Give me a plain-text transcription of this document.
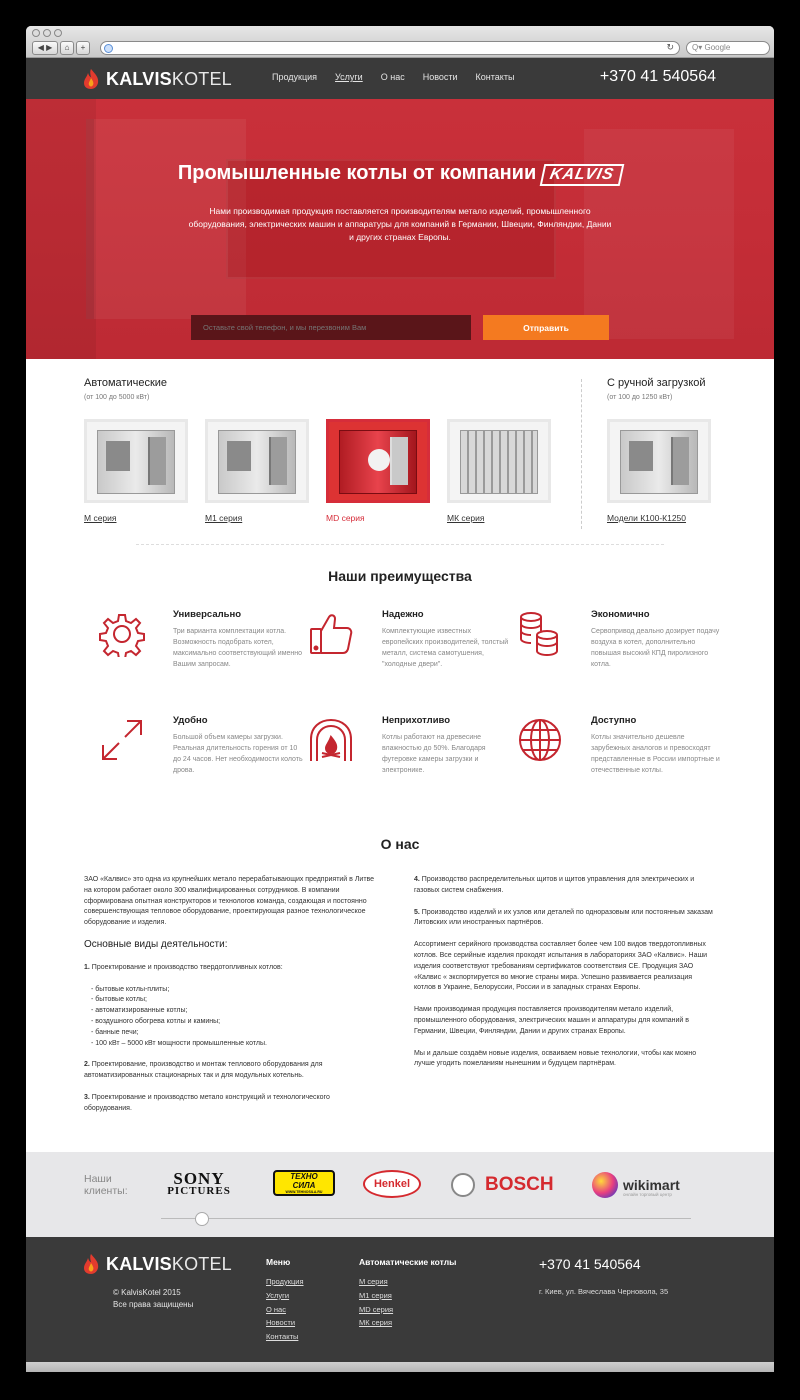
◀ ▶	⌂	+	↻	Q▾ Google
KALVISKOTEL	Продукция Услуги О нас Новости Контакты	+370 41 540564
Промышленные котлы от компании KALVIS

Нами производимая продукция поставляется производителям метало изделий, промышленного оборудования, электрических машин и аппаратуры для компаний в Германии, Швеции, Финляндии, Дании и других странах Европы.

Оставьте свой телефон, и мы перезвоним Вам
Отправить
Автоматические
(от 100 до 5000 кВт)
С ручной загрузкой
(от 100 до 1250 кВт)
М серия	М1 серия	МD серия	МК серия	Модели К100-К1250
Наши преимущества
Универсально
Три варианта комплектации котла. Возможность подобрать котел, максимально соответствующий именно Вашим запросам.
Надежно
Комплектующие известных европейских производителей, толстый металл, система самотушения, "холодные двери".
Экономично
Сервопривод деально дозирует подачу воздуха в котел, дополнительно повышая высокий КПД пиролизного котла.
Удобно
Большой объем камеры загрузки. Реальная длительность горения от 10 до 24 часов. Нет необходимости колоть дрова.
Неприхотливо
Котлы работают на древесине влажностью до 50%. Благодаря футеровке камеры загрузки и электронике.
Доступно
Котлы значительно дешевле зарубежных аналогов и превосходят представленные в России импортные и отечественные котлы.
О нас

ЗАО «Калвис» это одна из крупнейших метало перерабатывающих предприятий в Литве на котором работает около 300 квалифицированных сотрудников. В компании сформирована опытная конструкторов и технологов команда, создающая и постоянно совершенствующая тепловое оборудование, проектирующая разное технологическое оборудование и изделия.

Основные виды деятельности:

1. Проектирование и производство твердотопливных котлов:

- бытовые котлы-плиты;
- бытовые котлы;
- автоматизированные котлы;
- воздушного обогрева котлы и камины;
- банные печи;
- 100 кВт – 5000 кВт мощности промышленные котлы.

2. Проектирование, производство и монтаж теплового оборудования для автоматизированных стационарных так и для модульных котельнь.

3. Проектирование и производство метало конструкций и технологического оборудования.

4. Производство распределительных щитов и щитов управления для электрических и газовых систем снабжения.

5. Производство изделий и их узлов или деталей по одноразовым или постоянным заказам Литовских или иностранных партнёров.

Ассортимент серийного производства составляет более чем 100 видов твердотопливных котлов. Все серийные изделия проходят испытания в лабораториях ЗАО «Калвис». Наши изделия соответствуют требованиям сертификатов соответствия CE. Продукция ЗАО «Калвис « экспортируется во многие страны мира. Успешно развивается реализация котлов в Украине, Белоруссии, России и в западных странах Европы.

Нами производимая продукция поставляется производителям метало изделий, промышленного оборудования, электрических машин и аппаратуры для компаний в Германии, Швеции, Финляндии, Дании и других странах Европы.

Мы и дальше создаём новые изделия, осваиваем новые технологии, чтобы как можно лучше угодить пожеланиям нынешним и будущем партнёрам.

Наши клиенты:
SONY
PICTURES
ТЕХНО
СИЛА
WWW.TEHNOSILA.RU
Henkel	BOSCH	wikimart
онлайн торговый центр
KALVISKOTEL
© KalvisKotel 2015
Все права защищены
Меню
Продукция
Услуги
О нас
Новости
Контакты
Автоматические котлы
М серия
М1 серия
МD серия
МК серия
+370 41 540564
г. Киев, ул. Вячеслава Черновола, 35
